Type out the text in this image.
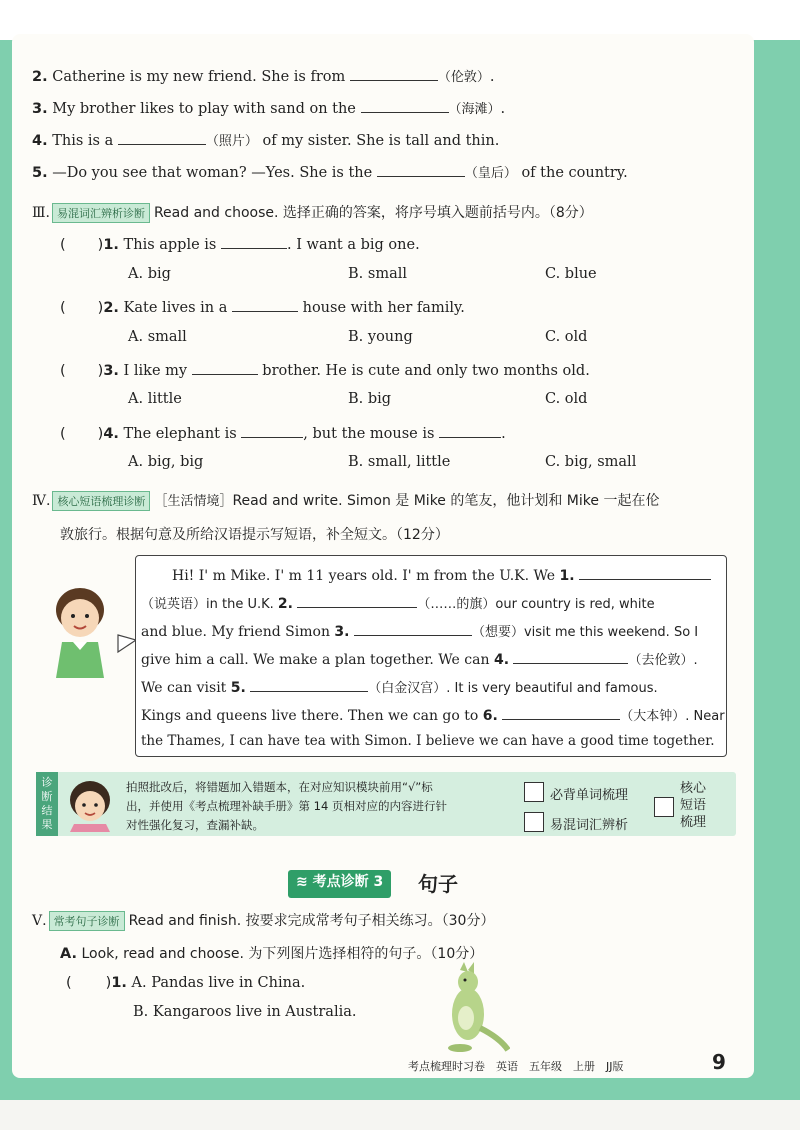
2. Catherine is my new friend. She is from	（伦敦）.
3. My brother likes to play with sand on the	（海滩）.
4. This is a	（照片） of my sister. She is tall and thin.
5. —Do you see that woman? —Yes. She is the	（皇后） of the country.
Ⅲ. 易混词汇辨析诊断 Read and choose. 选择正确的答案，将序号填入题前括号内。（8分）
( )1. This apple is	. I want a big one.
A. big	B. small	C. blue
( )2. Kate lives in a	house with her family.
A. small	B. young	C. old
( )3. I like my	brother. He is cute and only two months old.
A. little	B. big	C. old
( )4. The elephant is	, but the mouse is	.
A. big, big	B. small, little	C. big, small
Ⅳ. 核心短语梳理诊断 ［生活情境］Read and write. Simon 是 Mike 的笔友，他计划和 Mike 一起在伦
敦旅行。根据句意及所给汉语提示写短语，补全短文。（12分）
Hi! I' m Mike. I' m 11 years old. I' m from the U.K. We 1.
（说英语）in the U.K. 2.	（……的旗）our country is red, white
and blue. My friend Simon 3.	（想要）visit me this weekend. So I
give him a call. We make a plan together. We can 4.	（去伦敦）.
We can visit 5.	（白金汉宫）. It is very beautiful and famous.
Kings and queens live there. Then we can go to 6.	（大本钟）. Near
the Thames, I can have tea with Simon. I believe we can have a good time together.
诊断结果
拍照批改后，将错题加入错题本，在对应知识模块前用“√”标
出，并使用《考点梳理补缺手册》第 14 页相对应的内容进行针
对性强化复习，查漏补缺。
必背单词梳理
易混词汇辨析
核心
短语
梳理
≋ 考点诊断 3	句子
Ⅴ. 常考句子诊断 Read and finish. 按要求完成常考句子相关练习。（30分）
A. Look, read and choose. 为下列图片选择相符的句子。（10分）
( )1. A. Pandas live in China.
B. Kangaroos live in Australia.
考点梳理时习卷　英语　五年级　上册　JJ版	9
